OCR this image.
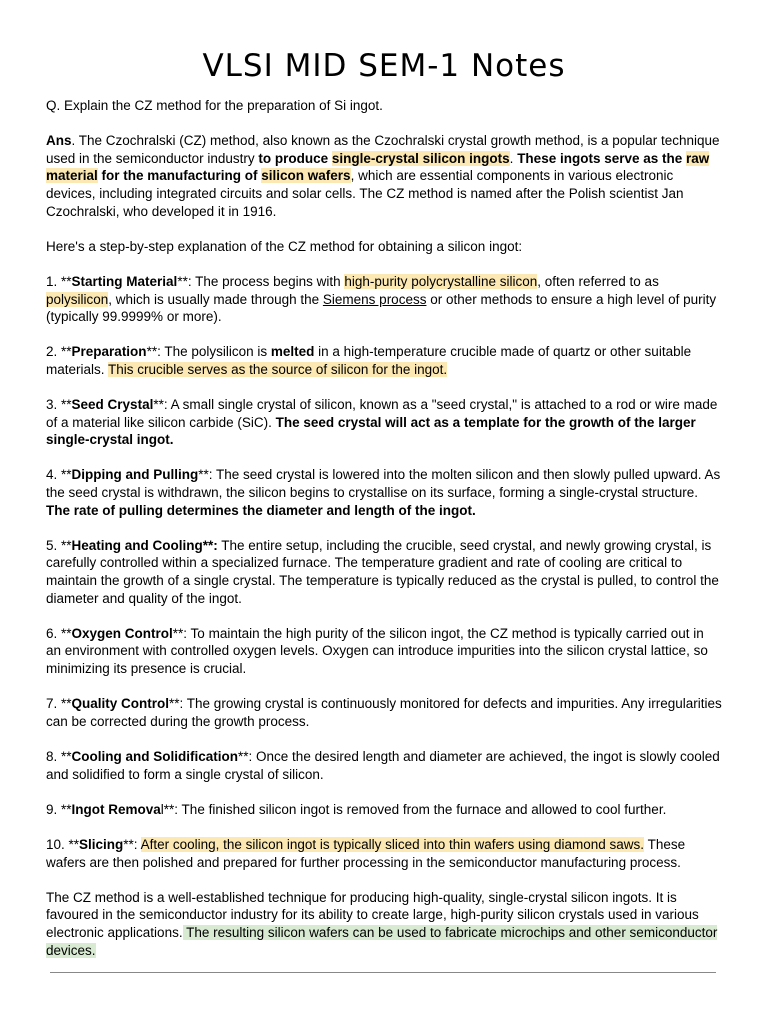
VLSI MID SEM-1 Notes

Q. Explain the CZ method for the preparation of Si ingot.

Ans. The Czochralski (CZ) method, also known as the Czochralski crystal growth method, is a popular technique used in the semiconductor industry to produce single-crystal silicon ingots. These ingots serve as the raw material for the manufacturing of silicon wafers, which are essential components in various electronic devices, including integrated circuits and solar cells. The CZ method is named after the Polish scientist Jan Czochralski, who developed it in 1916.

Here's a step-by-step explanation of the CZ method for obtaining a silicon ingot:

1. **Starting Material**: The process begins with high-purity polycrystalline silicon, often referred to as polysilicon, which is usually made through the Siemens process or other methods to ensure a high level of purity (typically 99.9999% or more).

2. **Preparation**: The polysilicon is melted in a high-temperature crucible made of quartz or other suitable materials. This crucible serves as the source of silicon for the ingot.

3. **Seed Crystal**: A small single crystal of silicon, known as a "seed crystal," is attached to a rod or wire made of a material like silicon carbide (SiC). The seed crystal will act as a template for the growth of the larger single-crystal ingot.

4. **Dipping and Pulling**: The seed crystal is lowered into the molten silicon and then slowly pulled upward. As the seed crystal is withdrawn, the silicon begins to crystallise on its surface, forming a single-crystal structure. The rate of pulling determines the diameter and length of the ingot.

5. **Heating and Cooling**: The entire setup, including the crucible, seed crystal, and newly growing crystal, is carefully controlled within a specialized furnace. The temperature gradient and rate of cooling are critical to maintain the growth of a single crystal. The temperature is typically reduced as the crystal is pulled, to control the diameter and quality of the ingot.

6. **Oxygen Control**: To maintain the high purity of the silicon ingot, the CZ method is typically carried out in an environment with controlled oxygen levels. Oxygen can introduce impurities into the silicon crystal lattice, so minimizing its presence is crucial.

7. **Quality Control**: The growing crystal is continuously monitored for defects and impurities. Any irregularities can be corrected during the growth process.

8. **Cooling and Solidification**: Once the desired length and diameter are achieved, the ingot is slowly cooled and solidified to form a single crystal of silicon.

9. **Ingot Removal**: The finished silicon ingot is removed from the furnace and allowed to cool further.

10. **Slicing**: After cooling, the silicon ingot is typically sliced into thin wafers using diamond saws. These wafers are then polished and prepared for further processing in the semiconductor manufacturing process.

The CZ method is a well-established technique for producing high-quality, single-crystal silicon ingots. It is favoured in the semiconductor industry for its ability to create large, high-purity silicon crystals used in various electronic applications. The resulting silicon wafers can be used to fabricate microchips and other semiconductor devices.
